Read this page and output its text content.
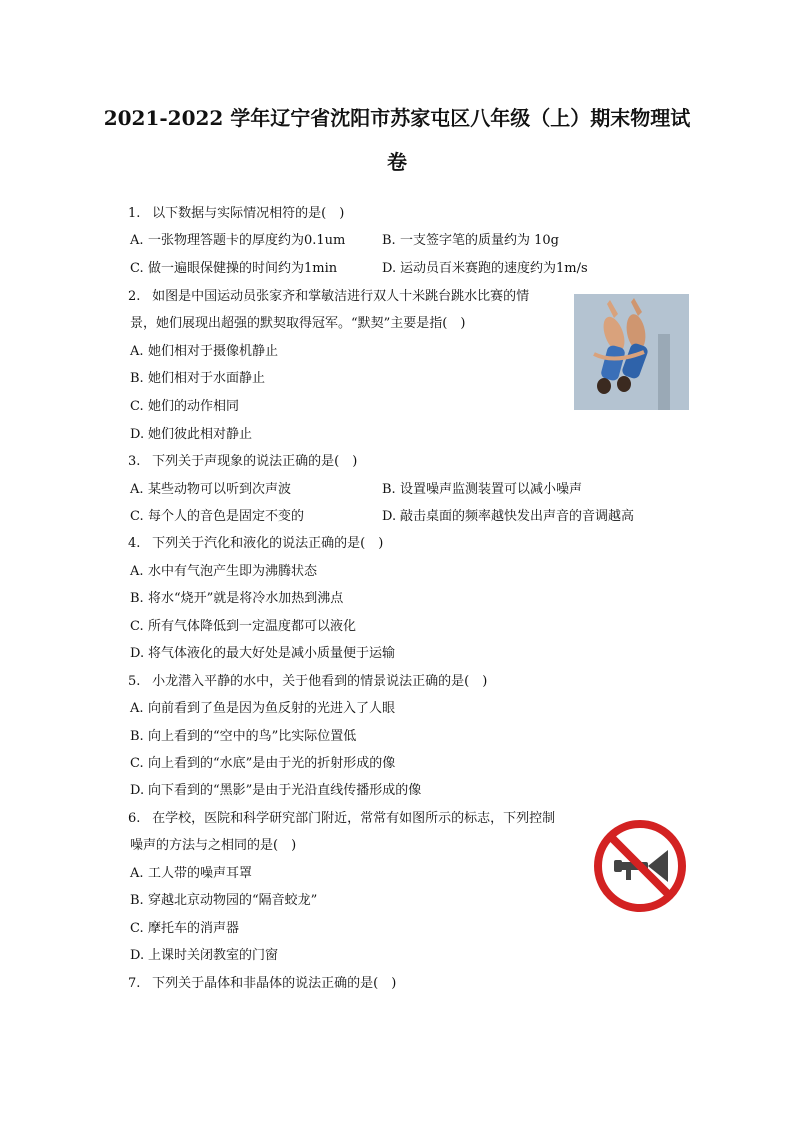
2021-2022 学年辽宁省沈阳市苏家屯区八年级（上）期末物理试
卷
1. 以下数据与实际情况相符的是(　)
A. 一张物理答题卡的厚度约为0.1um	B. 一支签字笔的质量约为 10g
C. 做一遍眼保健操的时间约为1min	D. 运动员百米赛跑的速度约为1m/s
2. 如图是中国运动员张家齐和掌敏洁进行双人十米跳台跳水比赛的情
景，她们展现出超强的默契取得冠军。“默契”主要是指(　)
A. 她们相对于摄像机静止
B. 她们相对于水面静止
C. 她们的动作相同
D. 她们彼此相对静止
3. 下列关于声现象的说法正确的是(　)
A. 某些动物可以听到次声波	B. 设置噪声监测装置可以减小噪声
C. 每个人的音色是固定不变的	D. 敲击桌面的频率越快发出声音的音调越高
4. 下列关于汽化和液化的说法正确的是(　)
A. 水中有气泡产生即为沸腾状态
B. 将水“烧开”就是将冷水加热到沸点
C. 所有气体降低到一定温度都可以液化
D. 将气体液化的最大好处是减小质量便于运输
5. 小龙潜入平静的水中，关于他看到的情景说法正确的是(　)
A. 向前看到了鱼是因为鱼反射的光进入了人眼
B. 向上看到的“空中的鸟”比实际位置低
C. 向上看到的“水底”是由于光的折射形成的像
D. 向下看到的“黑影”是由于光沿直线传播形成的像
6. 在学校，医院和科学研究部门附近，常常有如图所示的标志，下列控制
噪声的方法与之相同的是(　)
A. 工人带的噪声耳罩
B. 穿越北京动物园的“隔音蛟龙”
C. 摩托车的消声器
D. 上课时关闭教室的门窗
7. 下列关于晶体和非晶体的说法正确的是(　)
